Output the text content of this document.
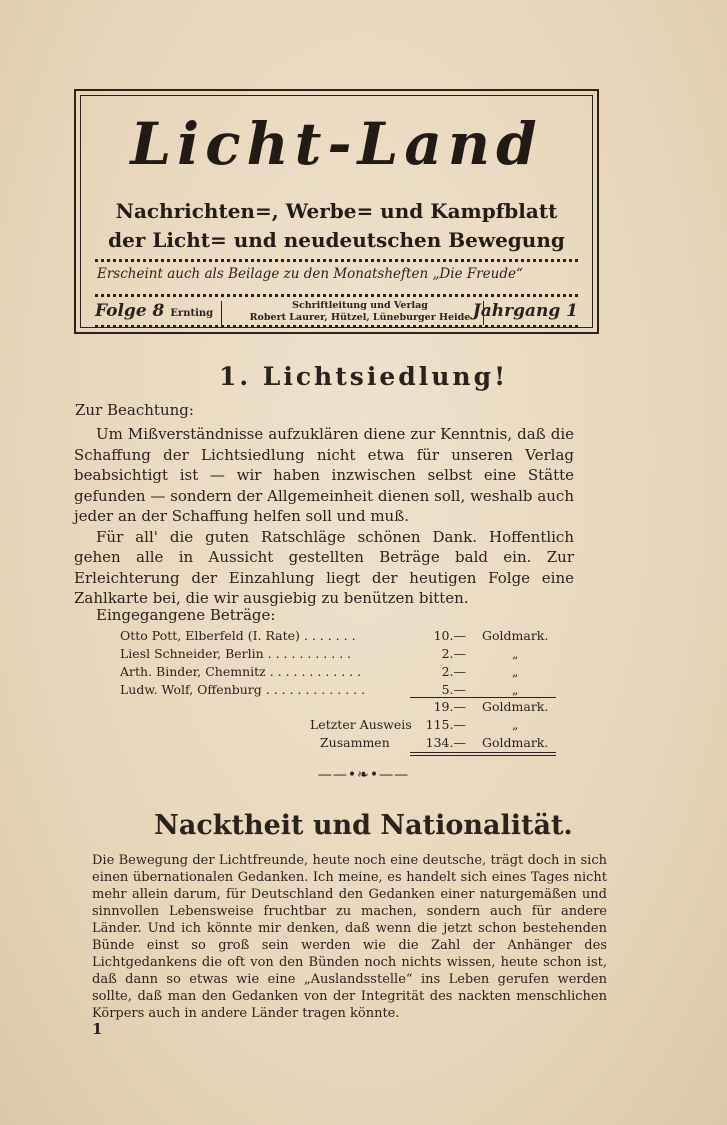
Licht-Land
Nachrichten=, Werbe= und Kampfblatt
der Licht= und neudeutschen Bewegung
Erscheint auch als Beilage zu den Monatsheften „Die Freude“
Folge 8 Ernting
Schriftleitung und Verlag
Robert Laurer, Hützel, Lüneburger Heide Jahrgang 1
1. Lichtsiedlung!
Zur Beachtung:

Um Mißverständnisse aufzuklären diene zur Kenntnis, daß die Schaffung der Lichtsiedlung nicht etwa für unseren Verlag beabsichtigt ist — wir haben inzwischen selbst eine Stätte gefunden — sondern der Allgemeinheit dienen soll, weshalb auch jeder an der Schaffung helfen soll und muß.

Für all' die guten Ratschläge schönen Dank. Hoffentlich gehen alle in Aussicht gestellten Beträge bald ein. Zur Erleichterung der Einzahlung liegt der heutigen Folge eine Zahlkarte bei, die wir ausgiebig zu benützen bitten.

Eingegangene Beträge:
Otto Pott, Elberfeld (I. Rate) . . . . . . .	10.— Goldmark.
Liesl Schneider, Berlin . . . . . . . . . . .	2.—	„
Arth. Binder, Chemnitz . . . . . . . . . . . .	2.—	„
Ludw. Wolf, Offenburg . . . . . . . . . . . . .	5.—	„
19.— Goldmark.
Letzter Ausweis	115.—	„
Zusammen	134.— Goldmark.
——•❧•——
Nacktheit und Nationalität.
Die Bewegung der Lichtfreunde, heute noch eine deutsche, trägt doch in sich einen übernationalen Gedanken. Ich meine, es handelt sich eines Tages nicht mehr allein darum, für Deutschland den Gedanken einer naturgemäßen und sinnvollen Lebensweise fruchtbar zu machen, sondern auch für andere Länder. Und ich könnte mir denken, daß wenn die jetzt schon bestehenden Bünde einst so groß sein werden wie die Zahl der Anhänger des Lichtgedankens die oft von den Bünden noch nichts wissen, heute schon ist, daß dann so etwas wie eine „Auslandsstelle“ ins Leben gerufen werden sollte, daß man den Gedanken von der Integrität des nackten menschlichen Körpers auch in andere Länder tragen könnte.
1
